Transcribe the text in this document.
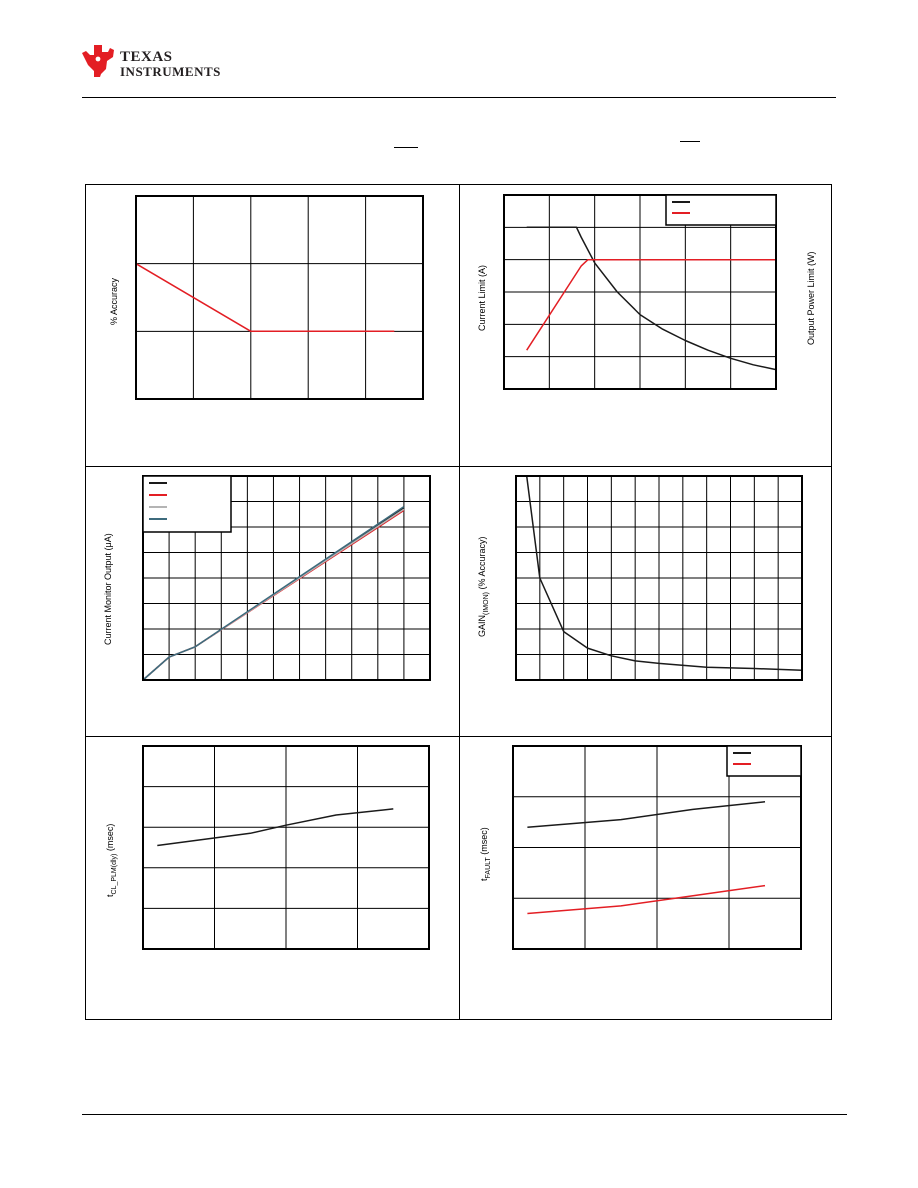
TEXAS
INSTRUMENTS
% Accuracy	Current Limit (A)	Output Power Limit (W)
Current Monitor Output (μA)	$GAIN_{(IMON)}$ (% Accuracy)
$t_{CL\_PLM(dly)}$ (msec)
$t_{FAULT}$ (msec)
